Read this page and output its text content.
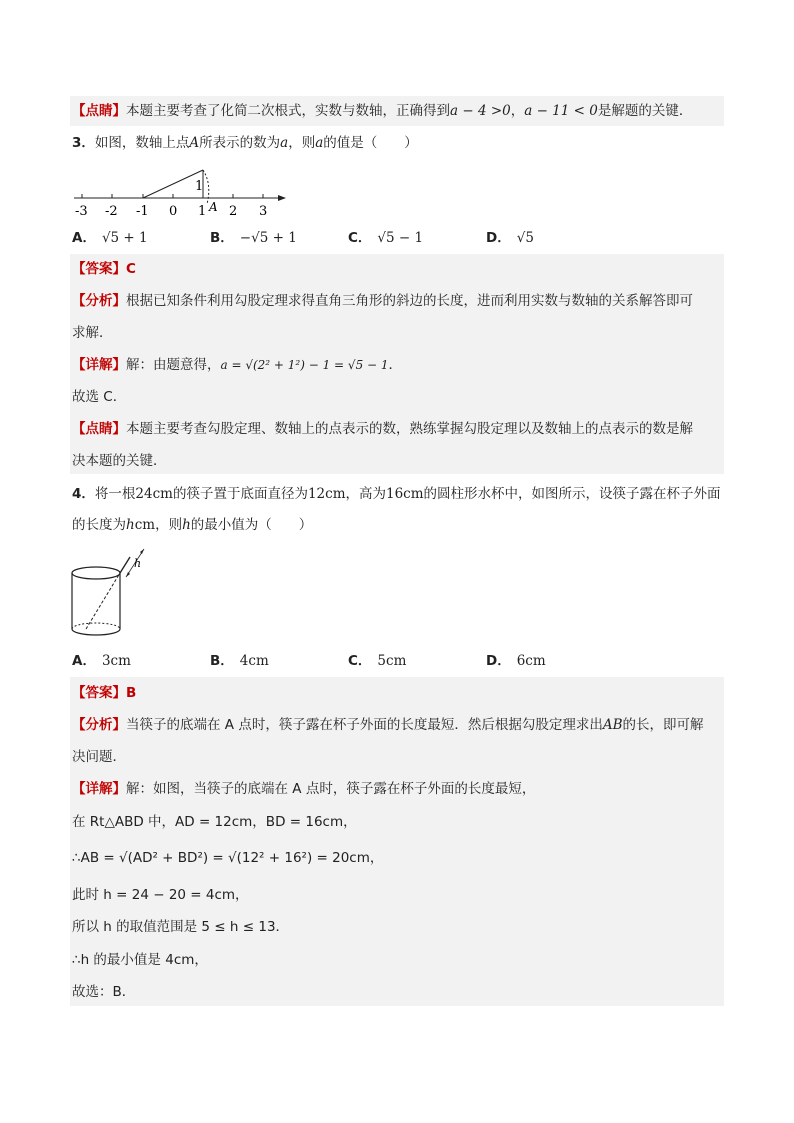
【点睛】本题主要考查了化简二次根式，实数与数轴，正确得到a − 4 >0，a − 11 < 0是解题的关键．
3．如图，数轴上点A所表示的数为a，则a的值是（　　）
1
A
-3 -2 -1 0 1 2 3
A． √5 + 1	B． −√5 + 1	C． √5 − 1	D． √5
【答案】C
【分析】根据已知条件利用勾股定理求得直角三角形的斜边的长度，进而利用实数与数轴的关系解答即可
求解．
【详解】解：由题意得，a = √(2² + 1²) − 1 = √5 − 1．
故选 C．
【点睛】本题主要考查勾股定理、数轴上的点表示的数，熟练掌握勾股定理以及数轴上的点表示的数是解
决本题的关键．
4．将一根24cm的筷子置于底面直径为12cm，高为16cm的圆柱形水杯中，如图所示，设筷子露在杯子外面
的长度为hcm，则h的最小值为（　　）
h
A． 3cm	B． 4cm	C． 5cm	D． 6cm
【答案】B
【分析】当筷子的底端在 A 点时，筷子露在杯子外面的长度最短．然后根据勾股定理求出AB的长，即可解
决问题．
【详解】解：如图，当筷子的底端在 A 点时，筷子露在杯子外面的长度最短，
在 Rt△ABD 中，AD = 12cm，BD = 16cm，
∴AB = √(AD² + BD²) = √(12² + 16²) = 20cm，
此时 h = 24 − 20 = 4cm，
所以 h 的取值范围是 5 ≤ h ≤ 13．
∴h 的最小值是 4cm，
故选：B．
